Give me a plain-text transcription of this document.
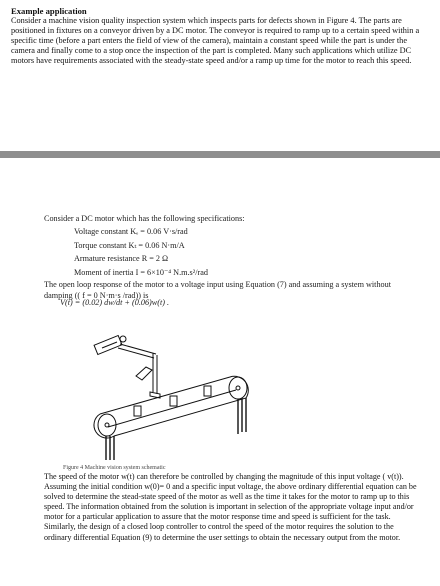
Example application
Consider a machine vision quality inspection system which inspects parts for defects shown in Figure 4. The parts are positioned in fixtures on a conveyor driven by a DC motor. The conveyor is required to ramp up to a certain speed within a specific time (before a part enters the field of view of the camera), maintain a constant speed while the part is under the camera and finally come to a stop once the inspection of the part is completed. Many such applications which utilize DC motors have requirements associated with the steady-state speed and/or a ramp up time for the motor to reach this speed.
Consider a DC motor which has the following specifications:
Voltage constant Kₑ = 0.06 V·s/rad
Torque constant Kₜ = 0.06 N·m/A
Armature resistance R = 2 Ω
Moment of inertia I = 6×10⁻⁴ N.m.s²/rad
The open loop response of the motor to a voltage input using Equation (7) and assuming a system without damping (( f = 0 N·m·s /rad)) is
V(t) = (0.02) dw/dt + (0.06)w(t) .
Figure 4 Machine vision system schematic
The speed of the motor w(t) can therefore be controlled by changing the magnitude of this input voltage ( v(t)). Assuming the initial condition w(0)= 0 and a specific input voltage, the above ordinary differential equation can be solved to determine the stead-state speed of the motor as well as the time it takes for the motor to ramp up to this speed. The information obtained from the solution is important in selection of the appropriate voltage input and/or motor for a particular application to assure that the motor response time and speed is sufficient for the task.
Similarly, the design of a closed loop controller to control the speed of the motor requires the solution to the ordinary differential Equation (9) to determine the user settings to obtain the necessary output from the motor.
